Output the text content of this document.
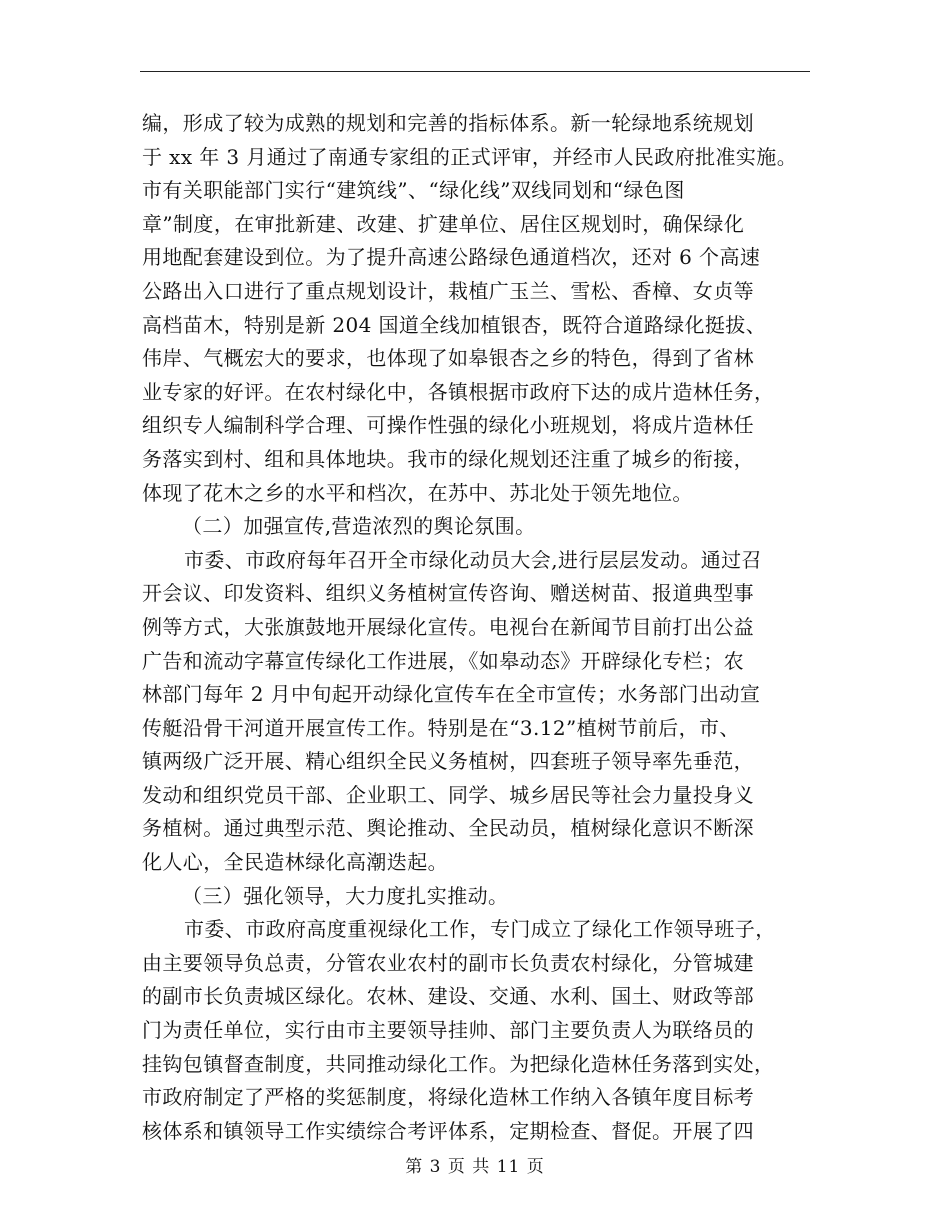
编，形成了较为成熟的规划和完善的指标体系。新一轮绿地系统规划
于 xx 年 3 月通过了南通专家组的正式评审，并经市人民政府批准实施。
市有关职能部门实行“建筑线”、“绿化线”双线同划和“绿色图
章”制度，在审批新建、改建、扩建单位、居住区规划时，确保绿化
用地配套建设到位。为了提升高速公路绿色通道档次，还对 6 个高速
公路出入口进行了重点规划设计，栽植广玉兰、雪松、香樟、女贞等
高档苗木，特别是新 204 国道全线加植银杏，既符合道路绿化挺拔、
伟岸、气概宏大的要求，也体现了如皋银杏之乡的特色，得到了省林
业专家的好评。在农村绿化中，各镇根据市政府下达的成片造林任务，
组织专人编制科学合理、可操作性强的绿化小班规划，将成片造林任
务落实到村、组和具体地块。我市的绿化规划还注重了城乡的衔接，
体现了花木之乡的水平和档次，在苏中、苏北处于领先地位。
（二）加强宣传,营造浓烈的舆论氛围。
市委、市政府每年召开全市绿化动员大会,进行层层发动。通过召
开会议、印发资料、组织义务植树宣传咨询、赠送树苗、报道典型事
例等方式，大张旗鼓地开展绿化宣传。电视台在新闻节目前打出公益
广告和流动字幕宣传绿化工作进展，《如皋动态》开辟绿化专栏；农
林部门每年 2 月中旬起开动绿化宣传车在全市宣传；水务部门出动宣
传艇沿骨干河道开展宣传工作。特别是在“3.12”植树节前后，市、
镇两级广泛开展、精心组织全民义务植树，四套班子领导率先垂范，
发动和组织党员干部、企业职工、同学、城乡居民等社会力量投身义
务植树。通过典型示范、舆论推动、全民动员，植树绿化意识不断深
化人心，全民造林绿化高潮迭起。
（三）强化领导，大力度扎实推动。
市委、市政府高度重视绿化工作，专门成立了绿化工作领导班子，
由主要领导负总责，分管农业农村的副市长负责农村绿化，分管城建
的副市长负责城区绿化。农林、建设、交通、水利、国土、财政等部
门为责任单位，实行由市主要领导挂帅、部门主要负责人为联络员的
挂钩包镇督查制度，共同推动绿化工作。为把绿化造林任务落到实处，
市政府制定了严格的奖惩制度，将绿化造林工作纳入各镇年度目标考
核体系和镇领导工作实绩综合考评体系，定期检查、督促。开展了四
第 3 页 共 11 页
